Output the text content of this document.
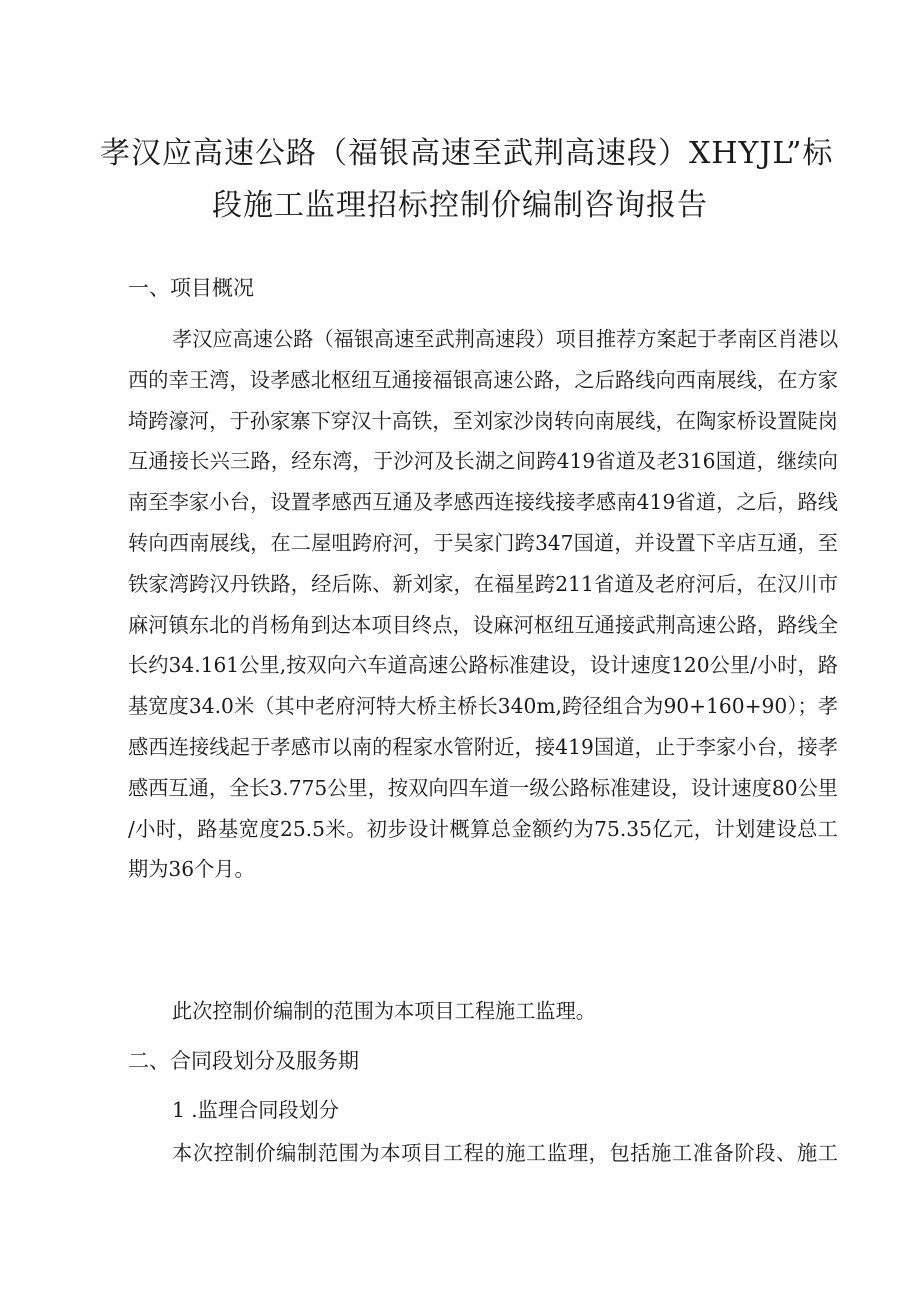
孝汉应高速公路（福银高速至武荆高速段）XHYJL”标
段施工监理招标控制价编制咨询报告
一、项目概况
孝汉应高速公路（福银高速至武荆高速段）项目推荐方案起于孝南区肖港以
西的幸王湾，设孝感北枢纽互通接福银高速公路，之后路线向西南展线，在方家
埼跨濠河，于孙家寨下穿汉十高铁，至刘家沙岗转向南展线，在陶家桥设置陡岗
互通接长兴三路，经东湾，于沙河及长湖之间跨419省道及老316国道，继续向
南至李家小台，设置孝感西互通及孝感西连接线接孝感南419省道，之后，路线
转向西南展线，在二屋咀跨府河，于吴家门跨347国道，并设置下辛店互通，至
铁家湾跨汉丹铁路，经后陈、新刘家，在福星跨211省道及老府河后，在汉川市
麻河镇东北的肖杨角到达本项目终点，设麻河枢纽互通接武荆高速公路，路线全
长约34.161公里,按双向六车道高速公路标准建设，设计速度120公里/小时，路
基宽度34.0米（其中老府河特大桥主桥长340m,跨径组合为90+160+90）；孝
感西连接线起于孝感市以南的程家水管附近，接419国道，止于李家小台，接孝
感西互通，全长3.775公里，按双向四车道一级公路标准建设，设计速度80公里
/小时，路基宽度25.5米。初步设计概算总金额约为75.35亿元，计划建设总工
期为36个月。

此次控制价编制的范围为本项目工程施工监理。

二、合同段划分及服务期

1 .监理合同段划分

本次控制价编制范围为本项目工程的施工监理，包括施工准备阶段、施工
